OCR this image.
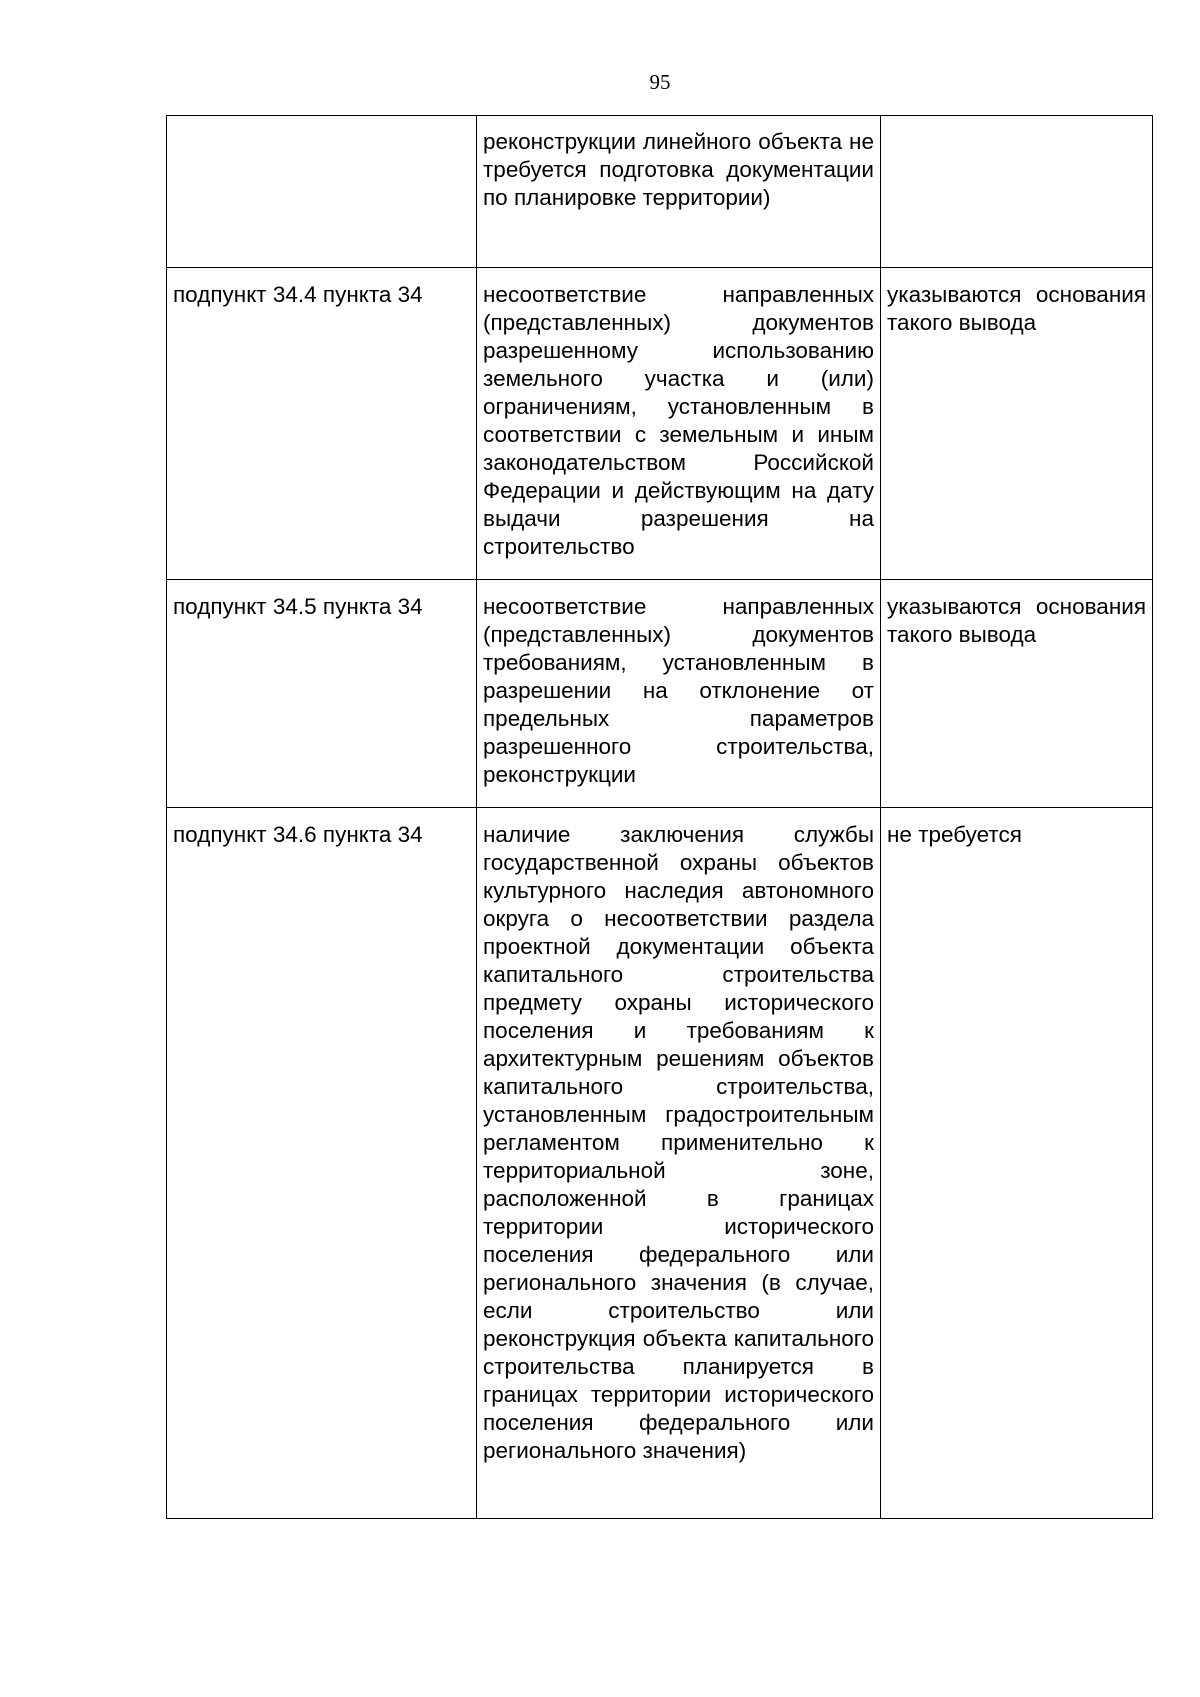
95
	реконструкции линейного объекта не требуется подготовка документации по планировке территории)	
подпункт 34.4 пункта 34	несоответствие направленных (представленных) документов разрешенному использованию земельного участка и (или) ограничениям, установленным в соответствии с земельным и иным законодательством Российской Федерации и действующим на дату выдачи разрешения на строительство	указываются основания такого вывода
подпункт 34.5 пункта 34	несоответствие направленных (представленных) документов требованиям, установленным в разрешении на отклонение от предельных параметров разрешенного строительства, реконструкции	указываются основания такого вывода
подпункт 34.6 пункта 34	наличие заключения службы государственной охраны объектов культурного наследия автономного округа о несоответствии раздела проектной документации объекта капитального строительства предмету охраны исторического поселения и требованиям к архитектурным решениям объектов капитального строительства, установленным градостроительным регламентом применительно к территориальной зоне, расположенной в границах территории исторического поселения федерального или регионального значения (в случае, если строительство или реконструкция объекта капитального строительства планируется в границах территории исторического поселения федерального или регионального значения)	не требуется
